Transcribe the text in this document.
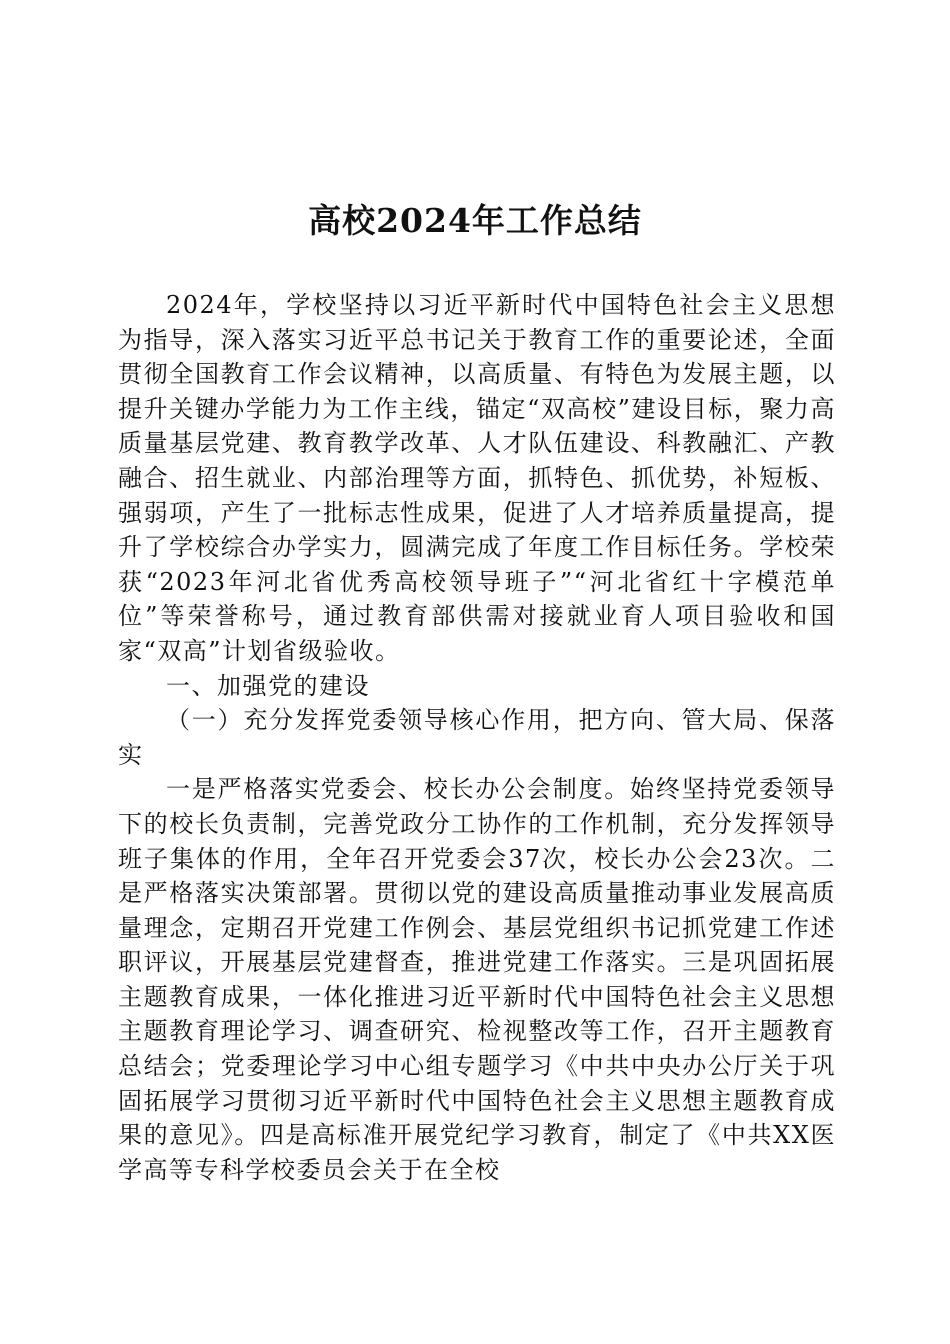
高校2024年工作总结

2024年，学校坚持以习近平新时代中国特色社会主义思想为指导，深入落实习近平总书记关于教育工作的重要论述，全面贯彻全国教育工作会议精神，以高质量、有特色为发展主题，以提升关键办学能力为工作主线，锚定“双高校”建设目标，聚力高质量基层党建、教育教学改革、人才队伍建设、科教融汇、产教融合、招生就业、内部治理等方面，抓特色、抓优势，补短板、强弱项，产生了一批标志性成果，促进了人才培养质量提高，提升了学校综合办学实力，圆满完成了年度工作目标任务。学校荣获“2023年河北省优秀高校领导班子”“河北省红十字模范单位”等荣誉称号，通过教育部供需对接就业育人项目验收和国家“双高”计划省级验收。

一、加强党的建设

（一）充分发挥党委领导核心作用，把方向、管大局、保落实

一是严格落实党委会、校长办公会制度。始终坚持党委领导下的校长负责制，完善党政分工协作的工作机制，充分发挥领导班子集体的作用，全年召开党委会37次，校长办公会23次。二是严格落实决策部署。贯彻以党的建设高质量推动事业发展高质量理念，定期召开党建工作例会、基层党组织书记抓党建工作述职评议，开展基层党建督查，推进党建工作落实。三是巩固拓展主题教育成果，一体化推进习近平新时代中国特色社会主义思想主题教育理论学习、调查研究、检视整改等工作，召开主题教育总结会；党委理论学习中心组专题学习《中共中央办公厅关于巩固拓展学习贯彻习近平新时代中国特色社会主义思想主题教育成果的意见》。四是高标准开展党纪学习教育，制定了《中共XX医学高等专科学校委员会关于在全校
